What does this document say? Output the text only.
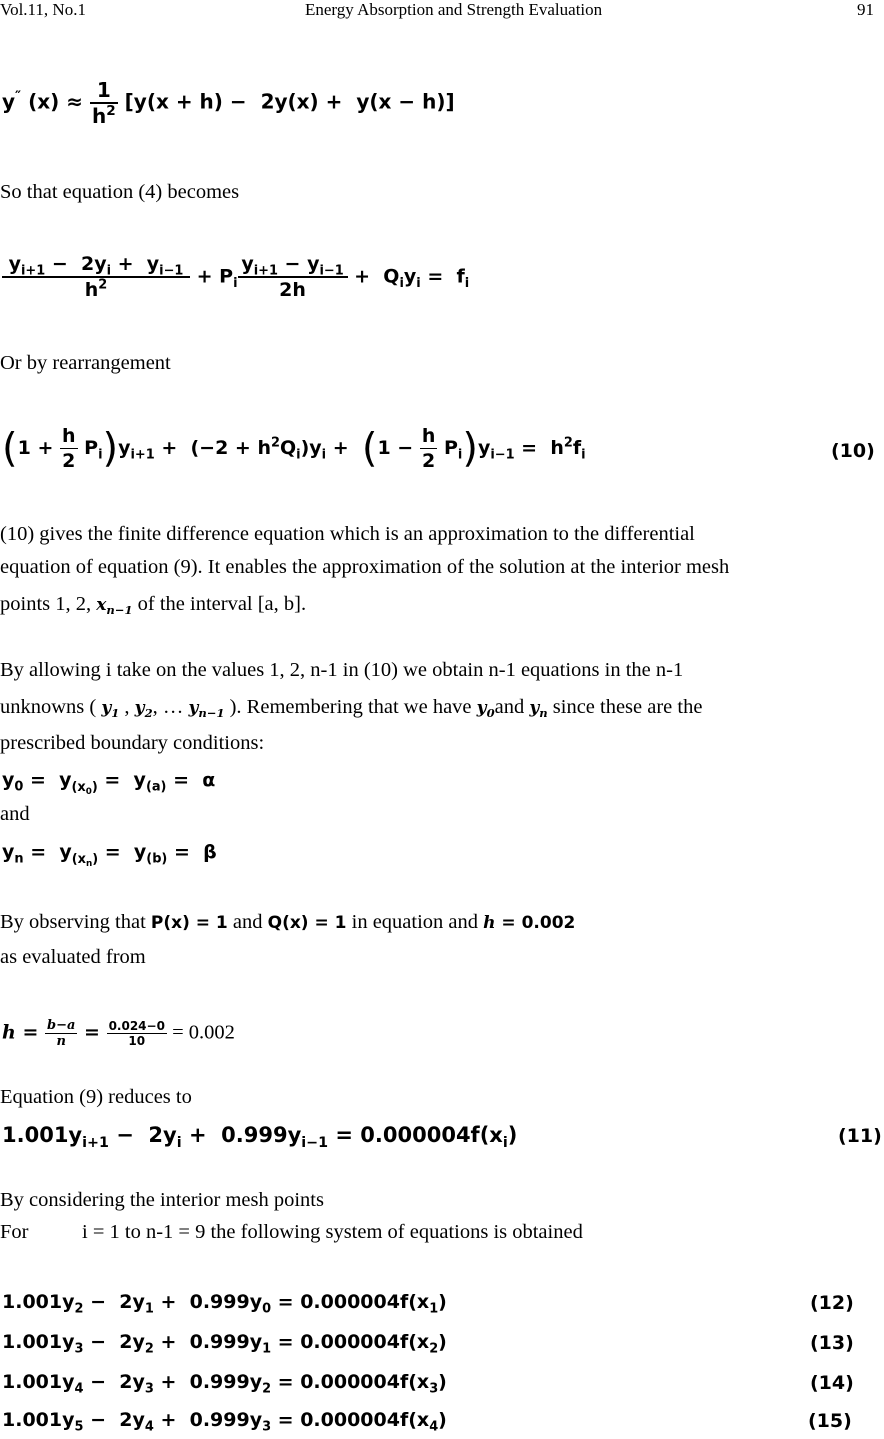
Vol.11, No.1	Energy Absorption and Strength Evaluation	91
y″ $(x) \approx \frac{1}{h^2} [y(x + h) - 2y(x) + y(x - h)]$
So that equation (4) becomes
$\frac{y_{i+1} - 2y_i + y_{i-1}}{h^2} + P_i \frac{y_{i+1} - y_{i-1}}{2h} + Q_iy_i = f_i$
Or by rearrangement
$(1 + \frac{h}{2} P_i)y_{i+1} + (-2 + h^2Q_i)y_i + (1 - \frac{h}{2} P_i)y_{i-1} = h^2f_i$	(10)
(10) gives the finite difference equation which is an approximation to the differential
equation of equation (9). It enables the approximation of the solution at the interior mesh
points 1, 2, $x_{n-1}$ of the interval [a, b].
By allowing i take on the values 1, 2, n-1 in (10) we obtain n-1 equations in the n-1
unknowns ( $y_1$ , $y_2$, … $y_{n-1}$ ). Remembering that we have $y_0and$ $y_n$ since these are the
prescribed boundary conditions:
$y_0 = y_{(x_0)} = y_{(a)} = \alpha$
and
$y_n = y_{(x_n)} = y_{(b)} = \beta$
By observing that P(x) = 1 and Q(x) = 1 in equation and h = 0.002
as evaluated from
$h = \frac{b-a}{n} = \frac{0.024-0}{10} = 0.002$
Equation (9) reduces to
$1.001y_{i+1} - 2y_i + 0.999y_{i-1} = 0.000004f(x_i)$	(11)
By considering the interior mesh points
For	i = 1 to n-1 = 9 the following system of equations is obtained
$1.001y_2 - 2y_1 + 0.999y_0 = 0.000004f(x_1)$	(12)
$1.001y_3 - 2y_2 + 0.999y_1 = 0.000004f(x_2)$	(13)
$1.001y_4 - 2y_3 + 0.999y_2 = 0.000004f(x_3)$	(14)
$1.001y_5 - 2y_4 + 0.999y_3 = 0.000004f(x_4)$	(15)
